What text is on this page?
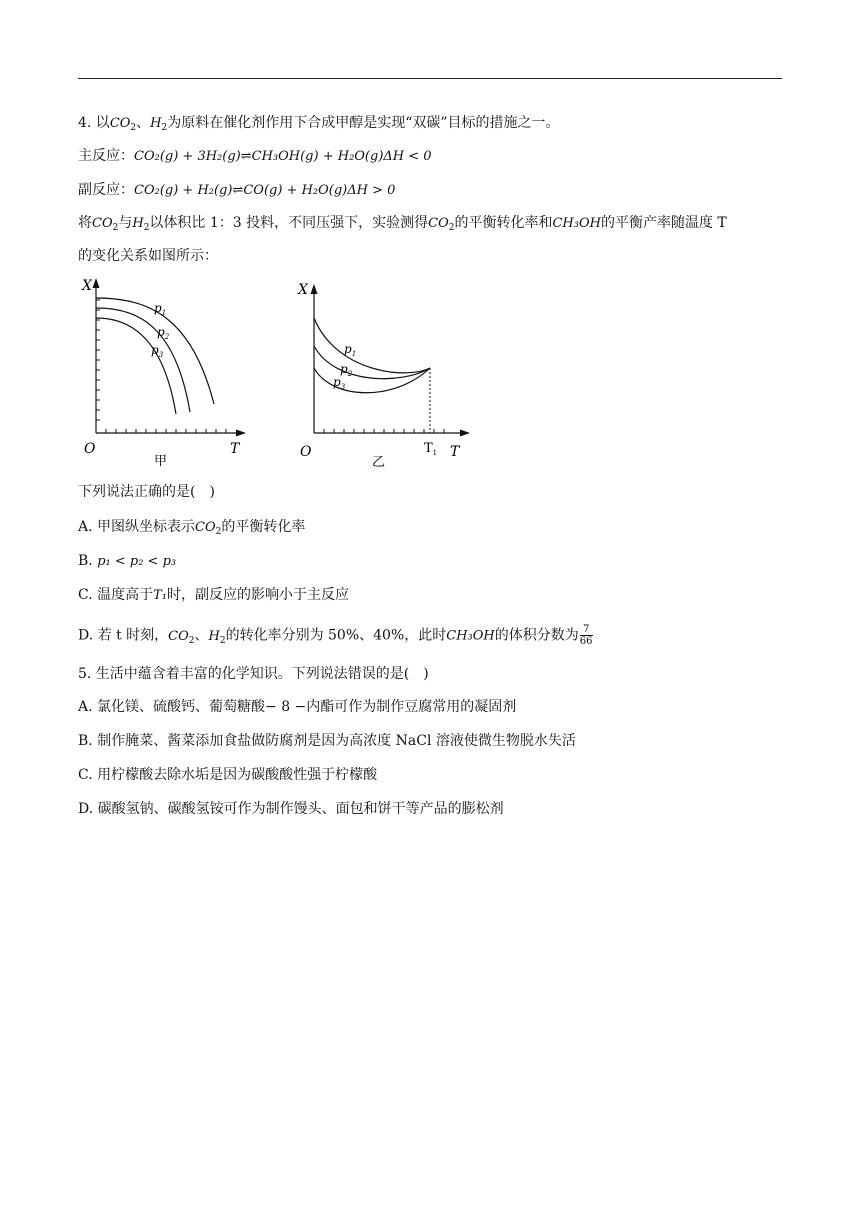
4. 以$CO_2$、$H_2$为原料在催化剂作用下合成甲醇是实现“双碳”目标的措施之一。
主反应：CO₂(g) + 3H₂(g)⇌CH₃OH(g) + H₂O(g)ΔH < 0
副反应：CO₂(g) + H₂(g)⇌CO(g) + H₂O(g)ΔH > 0
将$CO_2$与$H_2$以体积比 1：3 投料，不同压强下，实验测得$CO_2$的平衡转化率和CH₃OH的平衡产率随温度 T
的变化关系如图所示：
X
T
O
甲
$p_1$
$p_2$
$p_3$
X
T
O
乙
$T_1$
$p_1$
$p_2$
$p_3$
下列说法正确的是(　)
A. 甲图纵坐标表示$CO_2$的平衡转化率
B. p₁ < p₂ < p₃
C. 温度高于T₁时，副反应的影响小于主反应
D. 若 t 时刻，$CO_2$、$H_2$的转化率分别为 50%、40%，此时CH₃OH的体积分数为 $\frac{7}{66}$
5. 生活中蕴含着丰富的化学知识。下列说法错误的是(　)
A. 氯化镁、硫酸钙、葡萄糖酸− 8 −内酯可作为制作豆腐常用的凝固剂
B. 制作腌菜、酱菜添加食盐做防腐剂是因为高浓度 NaCl 溶液使微生物脱水失活
C. 用柠檬酸去除水垢是因为碳酸酸性强于柠檬酸
D. 碳酸氢钠、碳酸氢铵可作为制作馒头、面包和饼干等产品的膨松剂
